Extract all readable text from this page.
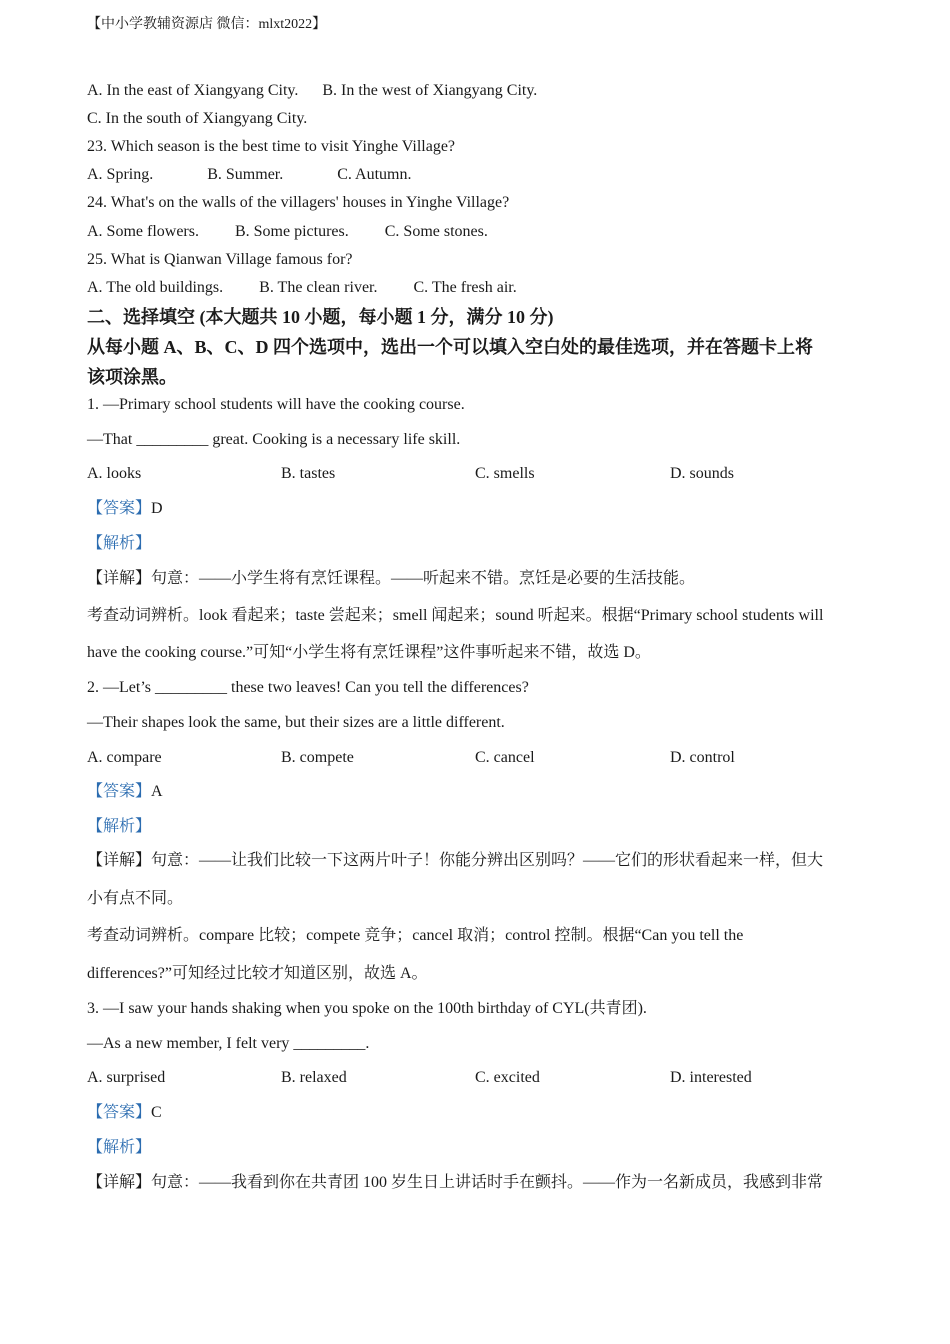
【中小学教辅资源店 微信：mlxt2022】
A. In the east of Xiangyang City. B. In the west of Xiangyang City.
C. In the south of Xiangyang City.
23. Which season is the best time to visit Yinghe Village?
A. Spring.	B. Summer.	C. Autumn.
24. What's on the walls of the villagers' houses in Yinghe Village?
A. Some flowers. B. Some pictures. C. Some stones.
25. What is Qianwan Village famous for?
A. The old buildings. B. The clean river. C. The fresh air.
二、选择填空 (本大题共 10 小题，每小题 1 分，满分 10 分)
从每小题 A、B、C、D 四个选项中，选出一个可以填入空白处的最佳选项，并在答题卡上将
该项涂黑。
1. —Primary school students will have the cooking course.
—That _________ great. Cooking is a necessary life skill.
A. looks	B. tastes	C. smells	D. sounds
【答案】D
【解析】
【详解】句意：——小学生将有烹饪课程。——听起来不错。烹饪是必要的生活技能。
考查动词辨析。look 看起来；taste 尝起来；smell 闻起来；sound 听起来。根据“Primary school students will
have the cooking course.”可知“小学生将有烹饪课程”这件事听起来不错，故选 D。
2. —Let’s _________ these two leaves! Can you tell the differences?
—Their shapes look the same, but their sizes are a little different.
A. compare	B. compete	C. cancel	D. control
【答案】A
【解析】
【详解】句意：——让我们比较一下这两片叶子！你能分辨出区别吗？——它们的形状看起来一样，但大
小有点不同。
考查动词辨析。compare 比较；compete 竞争；cancel 取消；control 控制。根据“Can you tell the
differences?”可知经过比较才知道区别，故选 A。
3. —I saw your hands shaking when you spoke on the 100th birthday of CYL(共青团).
—As a new member, I felt very _________.
A. surprised	B. relaxed	C. excited	D. interested
【答案】C
【解析】
【详解】句意：——我看到你在共青团 100 岁生日上讲话时手在颤抖。——作为一名新成员，我感到非常
